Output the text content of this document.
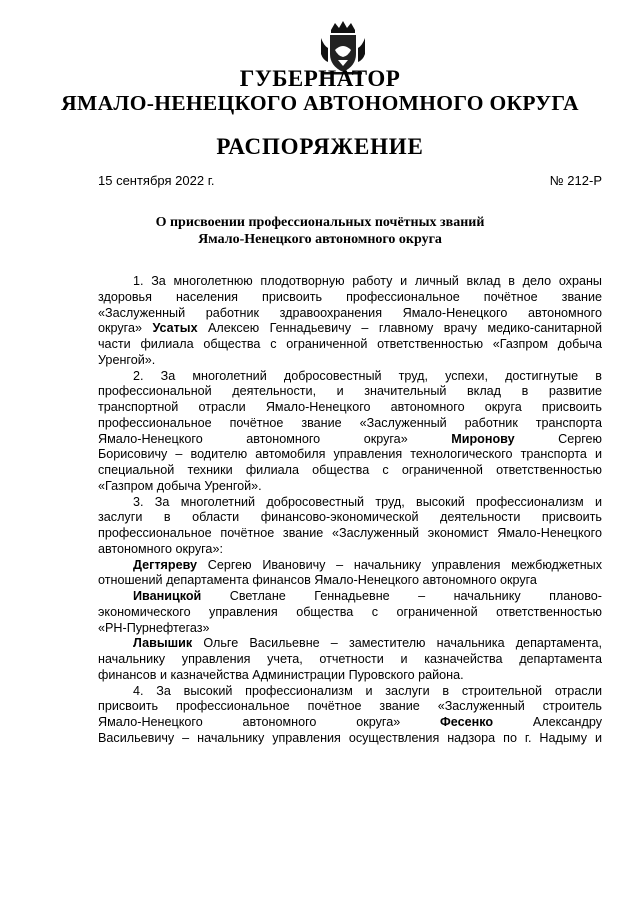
ГУБЕРНАТОР
ЯМАЛО-НЕНЕЦКОГО АВТОНОМНОГО ОКРУГА
РАСПОРЯЖЕНИЕ
15 сентября 2022 г.	№ 212-Р
О присвоении профессиональных почётных званий
Ямало-Ненецкого автономного округа
1. За многолетнюю плодотворную работу и личный вклад в дело охраны
здоровья населения присвоить профессиональное почётное звание
«Заслуженный работник здравоохранения Ямало-Ненецкого автономного
округа» Усатых Алексею Геннадьевичу – главному врачу медико-санитарной
части филиала общества с ограниченной ответственностью «Газпром добыча
Уренгой».
2. За многолетний добросовестный труд, успехи, достигнутые в
профессиональной деятельности, и значительный вклад в развитие
транспортной отрасли Ямало-Ненецкого автономного округа присвоить
профессиональное почётное звание «Заслуженный работник транспорта
Ямало-Ненецкого автономного округа» Миронову Сергею
Борисовичу – водителю автомобиля управления технологического транспорта и
специальной техники филиала общества с ограниченной ответственностью
«Газпром добыча Уренгой».
3. За многолетний добросовестный труд, высокий профессионализм и
заслуги в области финансово-экономической деятельности присвоить
профессиональное почётное звание «Заслуженный экономист Ямало-Ненецкого
автономного округа»:
Дегтяреву Сергею Ивановичу – начальнику управления межбюджетных
отношений департамента финансов Ямало-Ненецкого автономного округа
Иваницкой Светлане Геннадьевне – начальнику планово-
экономического управления общества с ограниченной ответственностью
«РН-Пурнефтегаз»
Лавышик Ольге Васильевне – заместителю начальника департамента,
начальнику управления учета, отчетности и казначейства департамента
финансов и казначейства Администрации Пуровского района.
4. За высокий профессионализм и заслуги в строительной отрасли
присвоить профессиональное почётное звание «Заслуженный строитель
Ямало-Ненецкого автономного округа» Фесенко Александру
Васильевичу – начальнику управления осуществления надзора по г. Надыму и
